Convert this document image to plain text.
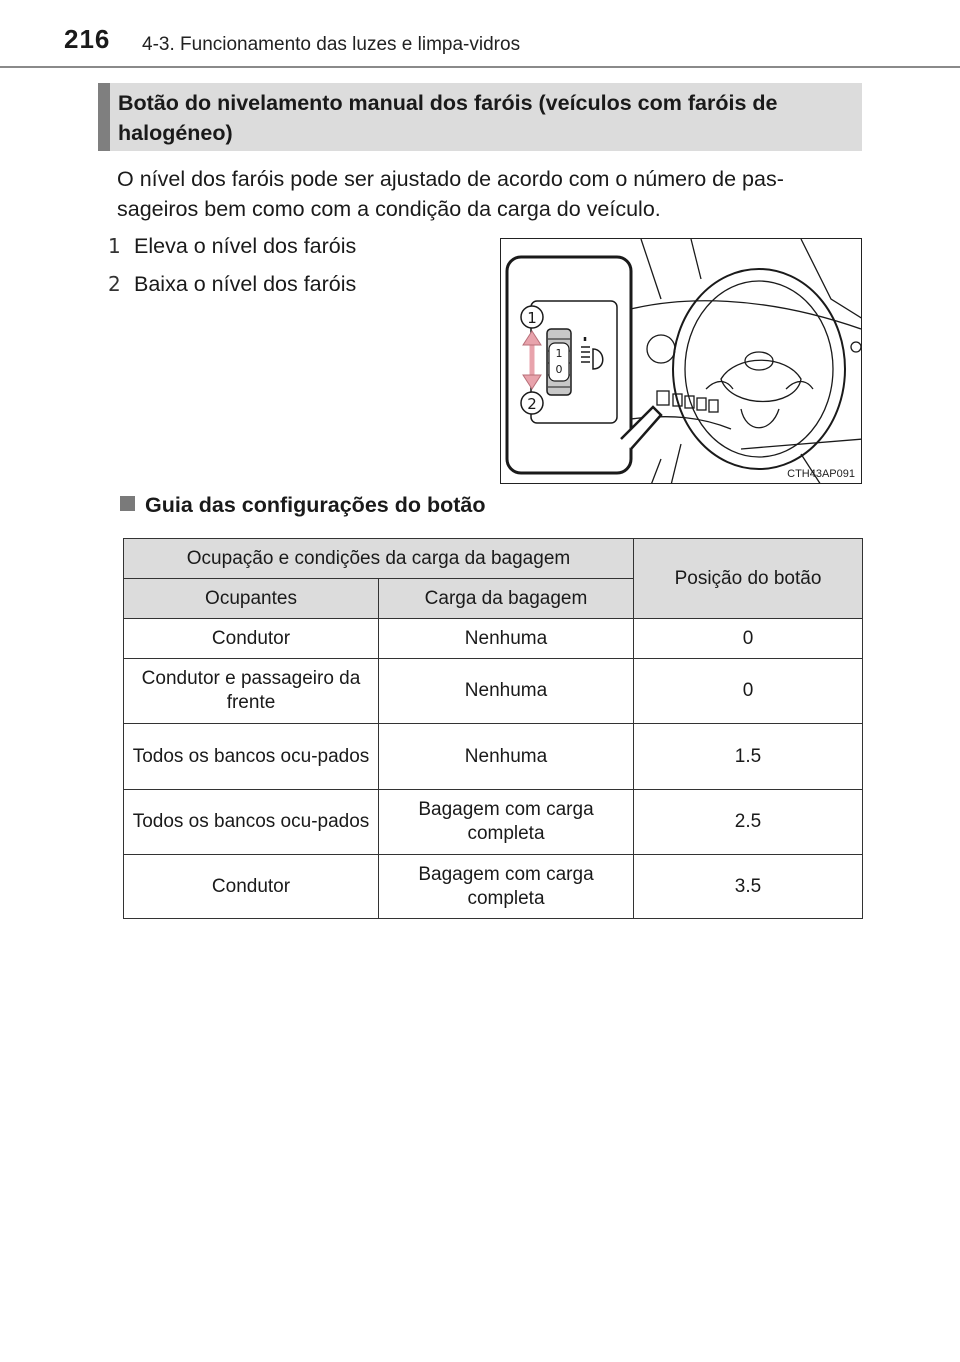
216 4-3. Funcionamento das luzes e limpa-vidros
Botão do nivelamento manual dos faróis (veículos com faróis de halogéneo)
O nível dos faróis pode ser ajustado de acordo com o número de pas-sageiros bem como com a condição da carga do veículo.
1 Eleva o nível dos faróis
2 Baixa o nível dos faróis
1
0
1
2
CTH43AP091
Guia das configurações do botão
Ocupação e condições da carga da bagagem		Posição do botão
Ocupantes	Carga da bagagem	
Condutor	Nenhuma	0
Condutor e passageiro da frente	Nenhuma	0
Todos os bancos ocu-pados	Nenhuma	1.5
Todos os bancos ocu-pados	Bagagem com carga completa	2.5
Condutor	Bagagem com carga completa	3.5
